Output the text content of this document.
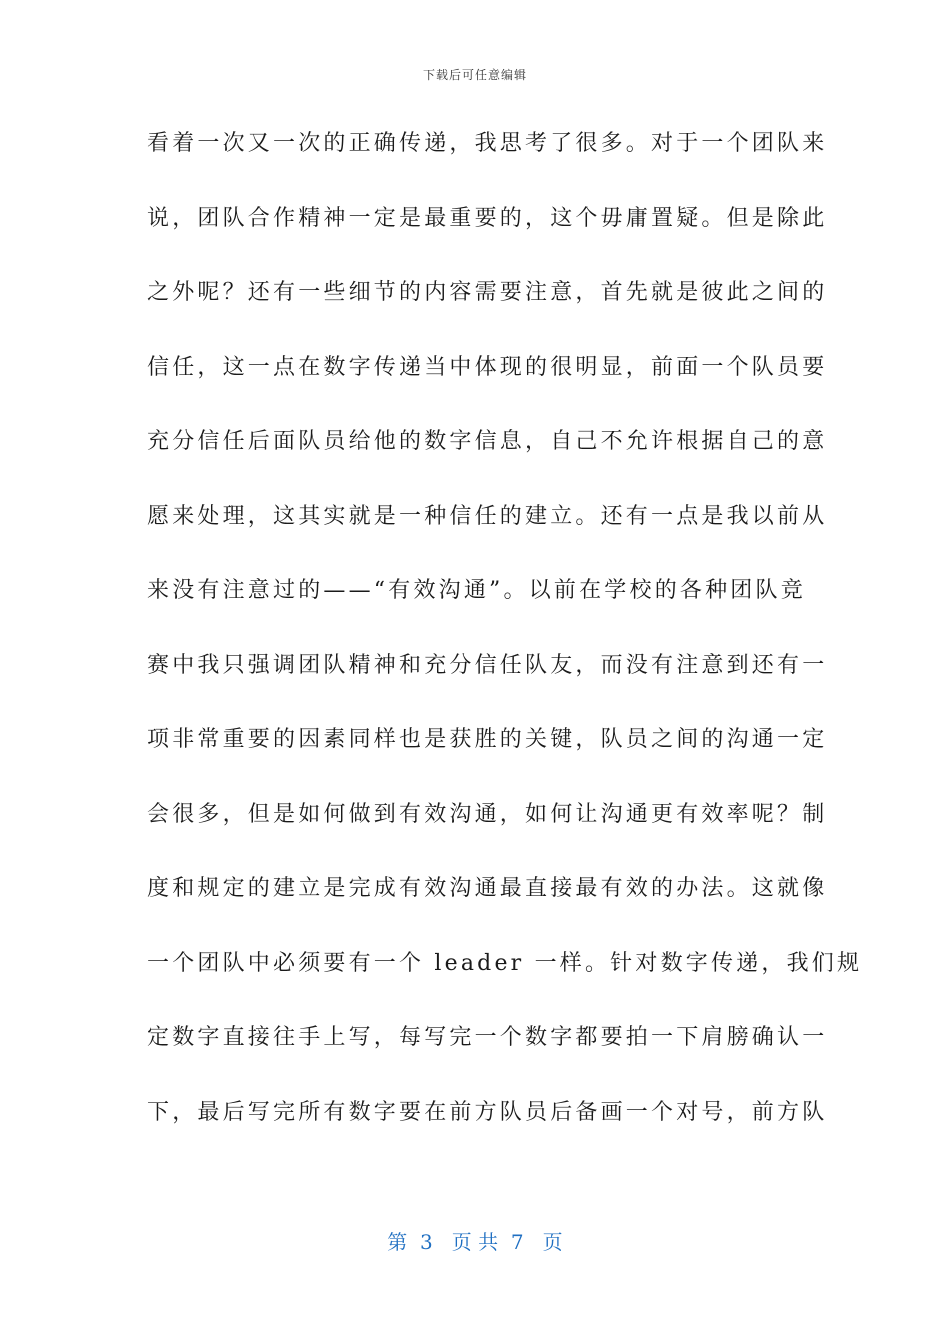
下载后可任意编辑
看着一次又一次的正确传递，我思考了很多。对于一个团队来
说，团队合作精神一定是最重要的，这个毋庸置疑。但是除此
之外呢？还有一些细节的内容需要注意，首先就是彼此之间的
信任，这一点在数字传递当中体现的很明显，前面一个队员要
充分信任后面队员给他的数字信息，自己不允许根据自己的意
愿来处理，这其实就是一种信任的建立。还有一点是我以前从
来没有注意过的——“有效沟通”。以前在学校的各种团队竞
赛中我只强调团队精神和充分信任队友，而没有注意到还有一
项非常重要的因素同样也是获胜的关键，队员之间的沟通一定
会很多，但是如何做到有效沟通，如何让沟通更有效率呢？制
度和规定的建立是完成有效沟通最直接最有效的办法。这就像
一个团队中必须要有一个 leader 一样。针对数字传递，我们规
定数字直接往手上写，每写完一个数字都要拍一下肩膀确认一
下，最后写完所有数字要在前方队员后备画一个对号，前方队
第  3   页 共  7   页
